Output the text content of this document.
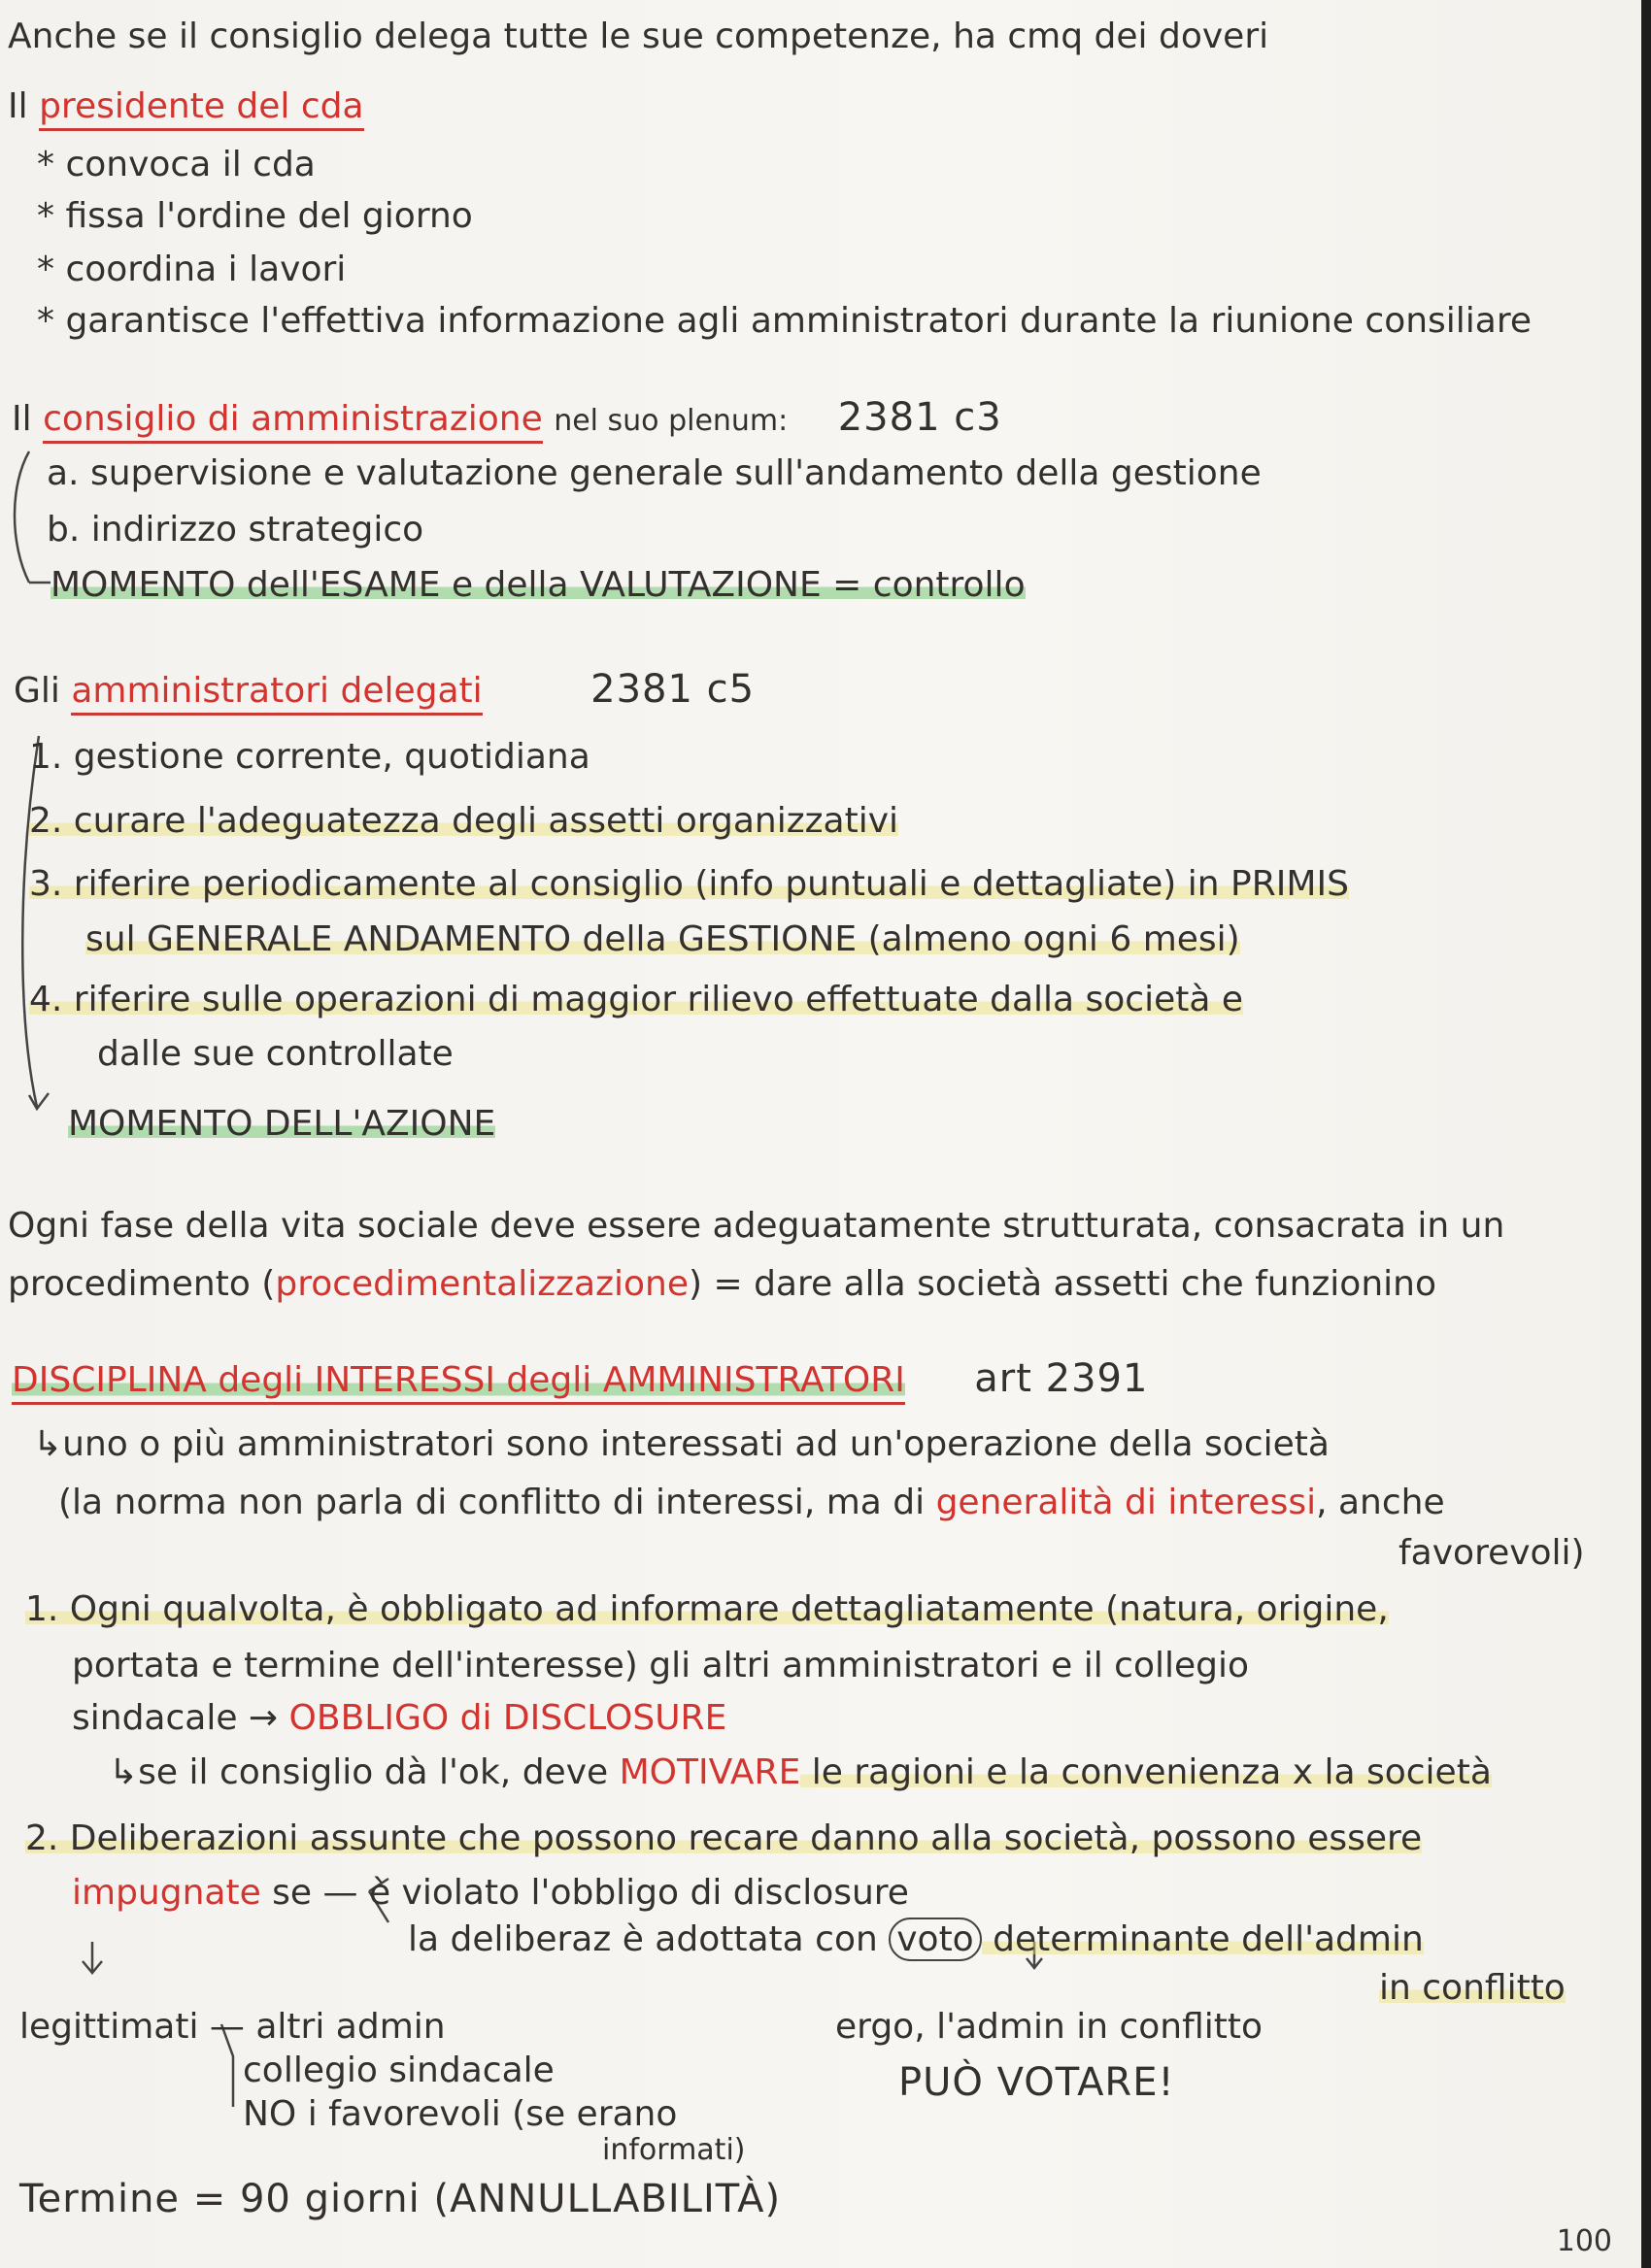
Anche se il consiglio delega tutte le sue competenze, ha cmq dei doveri
Il presidente del cda
* convoca il cda
* fissa l'ordine del giorno
* coordina i lavori
* garantisce l'effettiva informazione agli amministratori durante la riunione consiliare
Il consiglio di amministrazione nel suo plenum: 2381 c3
a. supervisione e valutazione generale sull'andamento della gestione
b. indirizzo strategico
MOMENTO dell'ESAME e della VALUTAZIONE = controllo
Gli amministratori delegati	2381 c5
1. gestione corrente, quotidiana
2. curare l'adeguatezza degli assetti organizzativi
3. riferire periodicamente al consiglio (info puntuali e dettagliate) in PRIMIS
sul GENERALE ANDAMENTO della GESTIONE (almeno ogni 6 mesi)
4. riferire sulle operazioni di maggior rilievo effettuate dalla società e
dalle sue controllate
MOMENTO DELL'AZIONE
Ogni fase della vita sociale deve essere adeguatamente strutturata, consacrata in un
procedimento (procedimentalizzazione) = dare alla società assetti che funzionino
DISCIPLINA degli INTERESSI degli AMMINISTRATORI art 2391
↳uno o più amministratori sono interessati ad un'operazione della società
(la norma non parla di conflitto di interessi, ma di generalità di interessi, anche
favorevoli)
1. Ogni qualvolta, è obbligato ad informare dettagliatamente (natura, origine,
portata e termine dell'interesse) gli altri amministratori e il collegio
sindacale → OBBLIGO di DISCLOSURE
↳se il consiglio dà l'ok, deve MOTIVARE le ragioni e la convenienza x la società
2. Deliberazioni assunte che possono recare danno alla società, possono essere
impugnate se — è violato l'obbligo di disclosure
la deliberaz è adottata con voto determinante dell'admin
in conflitto
legittimati — altri admin
collegio sindacale
NO i favorevoli (se erano
informati)
ergo, l'admin in conflitto
PUÒ VOTARE!
Termine = 90 giorni (ANNULLABILITÀ)
100
